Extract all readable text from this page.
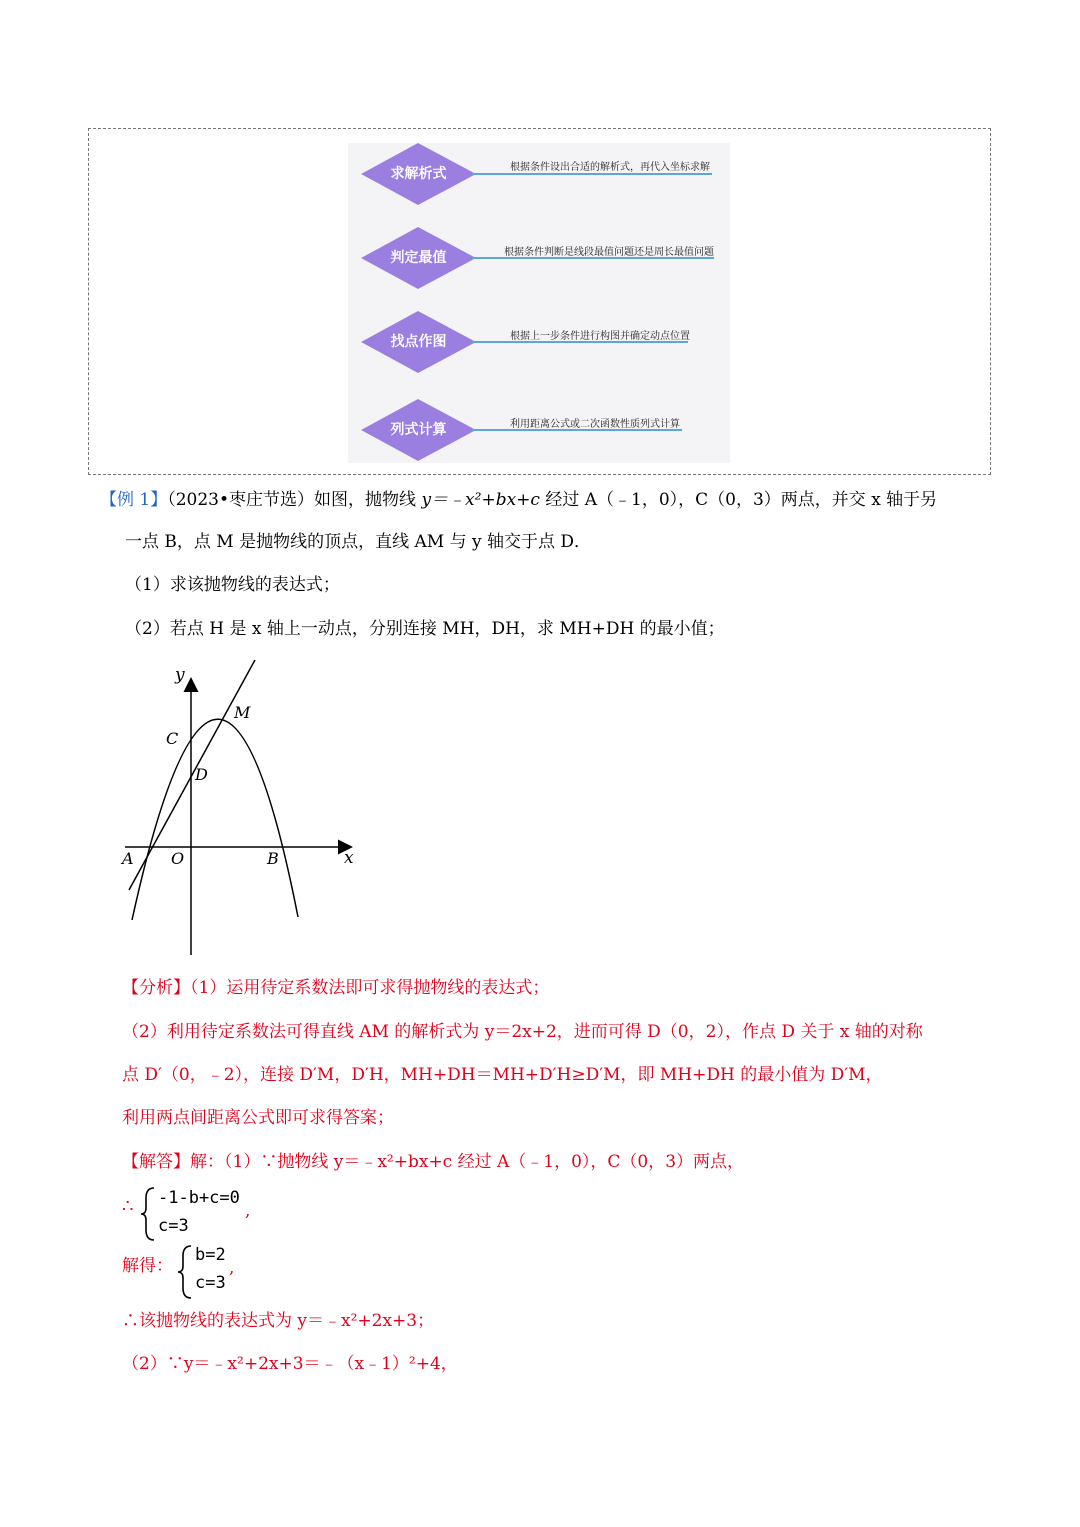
求解析式	根据条件设出合适的解析式，再代入坐标求解
判定最值	根据条件判断是线段最值问题还是周长最值问题
找点作图	根据上一步条件进行构图并确定动点位置
列式计算	利用距离公式或二次函数性质列式计算
【例 1】（2023•枣庄节选）如图，抛物线 y＝﹣x²+bx+c 经过 A（﹣1，0），C（0，3）两点，并交 x 轴于另
一点 B，点 M 是抛物线的顶点，直线 AM 与 y 轴交于点 D．
（1）求该抛物线的表达式；
（2）若点 H 是 x 轴上一动点，分别连接 MH，DH，求 MH+DH 的最小值；
y
x
M
C
D
A O	B
【分析】（1）运用待定系数法即可求得抛物线的表达式；
（2）利用待定系数法可得直线 AM 的解析式为 y＝2x+2，进而可得 D（0，2），作点 D 关于 x 轴的对称
点 D′（0，﹣2），连接 D′M，D′H，MH+DH＝MH+D′H≥D′M，即 MH+DH 的最小值为 D′M，
利用两点间距离公式即可求得答案；
【解答】解：（1）∵抛物线 y＝﹣x²+bx+c 经过 A（﹣1，0），C（0，3）两点，
∴ -1-b+c=0
c=3
,
解得：
b=2
c=3
,
∴该抛物线的表达式为 y＝﹣x²+2x+3；
（2）∵y＝﹣x²+2x+3＝﹣（x﹣1）²+4，
